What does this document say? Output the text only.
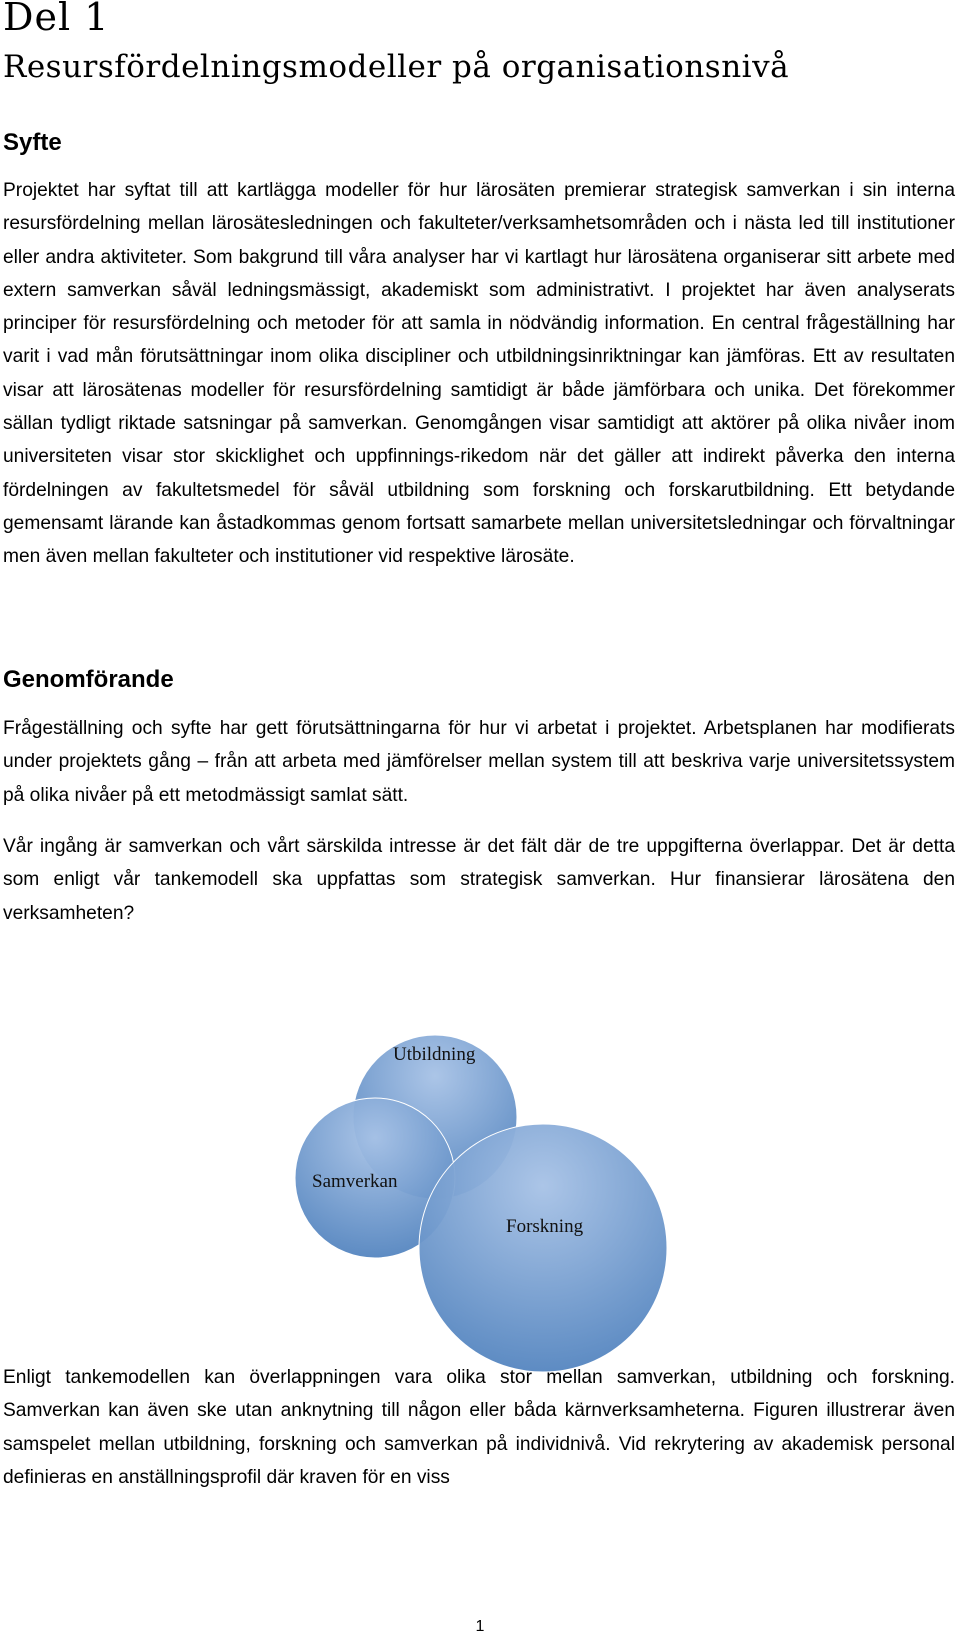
Del 1
Resursfördelningsmodeller på organisationsnivå
Syfte

Projektet har syftat till att kartlägga modeller för hur lärosäten premierar strategisk samverkan i sin interna resursfördelning mellan lärosätesledningen och fakulteter/verksamhetsområden och i nästa led till institutioner eller andra aktiviteter. Som bakgrund till våra analyser har vi kartlagt hur lärosätena organiserar sitt arbete med extern samverkan såväl ledningsmässigt, akademiskt som administrativt. I projektet har även analyserats principer för resursfördelning och metoder för att samla in nödvändig information. En central frågeställning har varit i vad mån förutsättningar inom olika discipliner och utbildningsinriktningar kan jämföras. Ett av resultaten visar att lärosätenas modeller för resursfördelning samtidigt är både jämförbara och unika. Det förekommer sällan tydligt riktade satsningar på samverkan. Genomgången visar samtidigt att aktörer på olika nivåer inom universiteten visar stor skicklighet och uppfinnings-rikedom när det gäller att indirekt påverka den interna fördelningen av fakultetsmedel för såväl utbildning som forskning och forskarutbildning. Ett betydande gemensamt lärande kan åstadkommas genom fortsatt samarbete mellan universitetsledningar och förvaltningar men även mellan fakulteter och institutioner vid respektive lärosäte.

Genomförande

Frågeställning och syfte har gett förutsättningarna för hur vi arbetat i projektet. Arbetsplanen har modifierats under projektets gång – från att arbeta med jämförelser mellan system till att beskriva varje universitetssystem på olika nivåer på ett metodmässigt samlat sätt.

Vår ingång är samverkan och vårt särskilda intresse är det fält där de tre uppgifterna överlappar. Det är detta som enligt vår tankemodell ska uppfattas som strategisk samverkan. Hur finansierar lärosätena den verksamheten?

Utbildning
Samverkan
Forskning

Enligt tankemodellen kan överlappningen vara olika stor mellan samverkan, utbildning och forskning. Samverkan kan även ske utan anknytning till någon eller båda kärnverksamheterna. Figuren illustrerar även samspelet mellan utbildning, forskning och samverkan på individnivå. Vid rekrytering av akademisk personal definieras en anställningsprofil där kraven för en viss

1
